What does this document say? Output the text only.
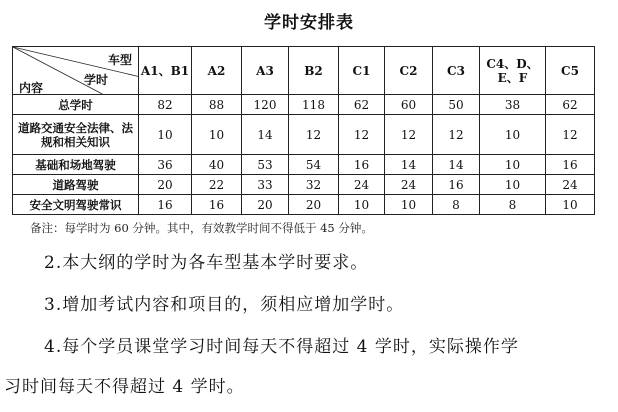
学时安排表
车型
学时
内容	A1、B1	A2	A3	B2	C1	C2	C3	C4、D、E、F	C5
总学时	82	88	120	118	62	60	50	38	62
道路交通安全法律、法规和相关知识	10	10	14	12	12	12	12	10	12
基础和场地驾驶	36	40	53	54	16	14	14	10	16
道路驾驶	20	22	33	32	24	24	16	10	24
安全文明驾驶常识	16	16	20	20	10	10	8	8	10
备注：每学时为 60 分钟。其中，有效教学时间不得低于 45 分钟。
2.本大纲的学时为各车型基本学时要求。
3.增加考试内容和项目的，须相应增加学时。
4.每个学员课堂学习时间每天不得超过 4 学时，实际操作学
习时间每天不得超过 4 学时。
